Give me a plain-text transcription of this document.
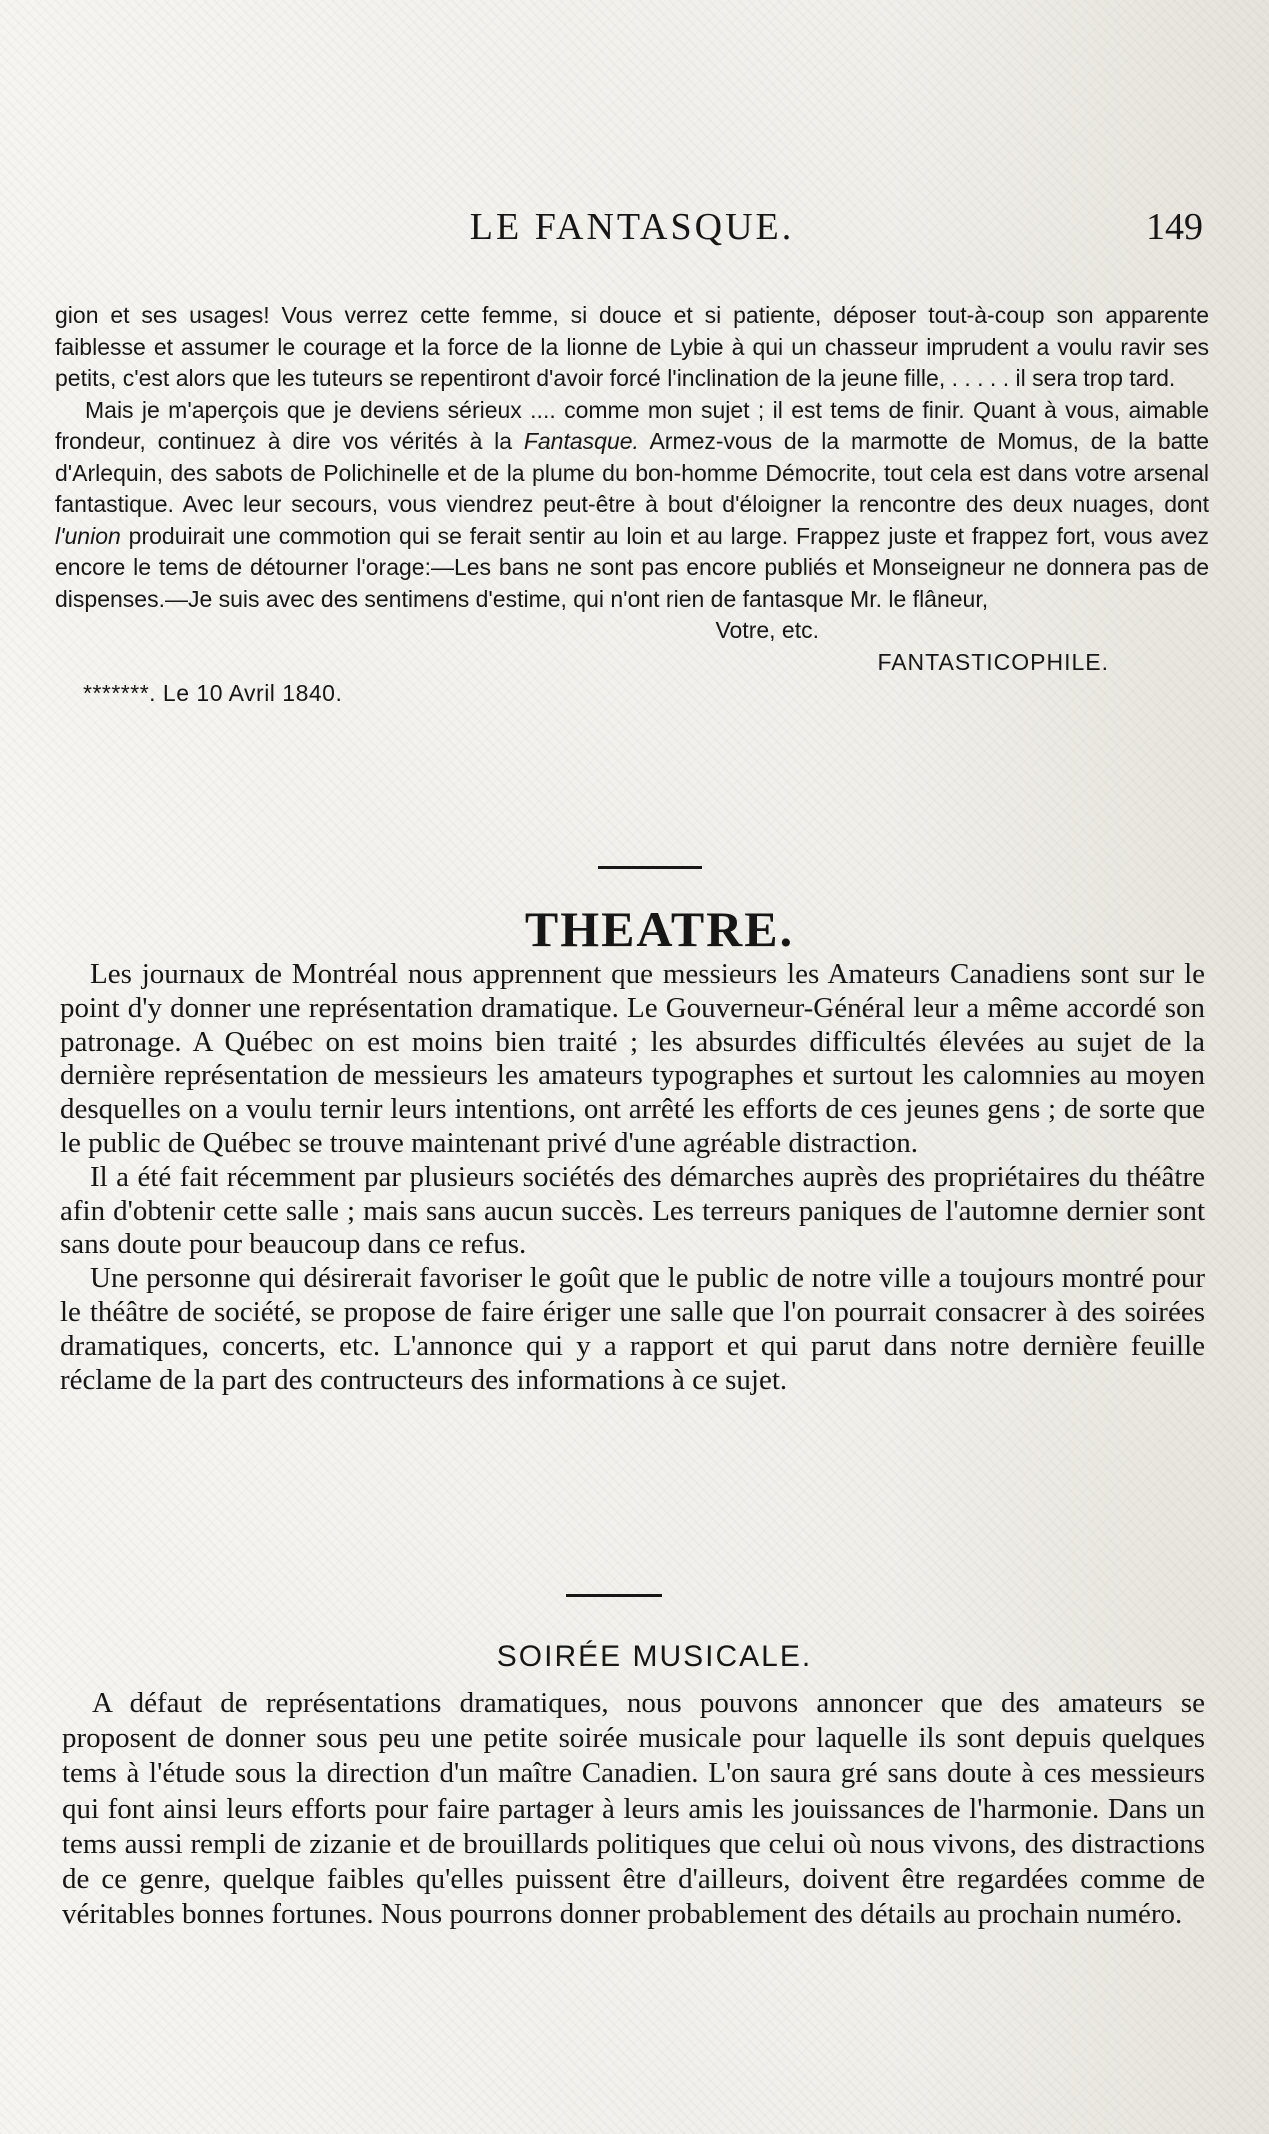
LE FANTASQUE.	149

gion et ses usages! Vous verrez cette femme, si douce et si patiente, déposer tout-à-coup son apparente faiblesse et assumer le courage et la force de la lionne de Lybie à qui un chasseur imprudent a voulu ravir ses petits, c'est alors que les tuteurs se repentiront d'avoir forcé l'inclination de la jeune fille, . . . . . il sera trop tard.

Mais je m'aperçois que je deviens sérieux .... comme mon sujet ; il est tems de finir. Quant à vous, aimable frondeur, continuez à dire vos vérités à la Fantasque. Armez-vous de la marmotte de Momus, de la batte d'Arlequin, des sabots de Polichinelle et de la plume du bon-homme Démocrite, tout cela est dans votre arsenal fantastique. Avec leur secours, vous viendrez peut-être à bout d'éloigner la rencontre des deux nuages, dont l'union produirait une commotion qui se ferait sentir au loin et au large. Frappez juste et frappez fort, vous avez encore le tems de détourner l'orage:—Les bans ne sont pas encore publiés et Monseigneur ne donnera pas de dispenses.—Je suis avec des sentimens d'estime, qui n'ont rien de fantasque Mr. le flâneur,

Votre, etc.

FANTASTICOPHILE.

*******. Le 10 Avril 1840.

THEATRE.

Les journaux de Montréal nous apprennent que messieurs les Amateurs Canadiens sont sur le point d'y donner une représentation dramatique. Le Gouverneur-Général leur a même accordé son patronage. A Québec on est moins bien traité ; les absurdes difficultés élevées au sujet de la dernière représentation de messieurs les amateurs typographes et surtout les calomnies au moyen desquelles on a voulu ternir leurs intentions, ont arrêté les efforts de ces jeunes gens ; de sorte que le public de Québec se trouve maintenant privé d'une agréable distraction.

Il a été fait récemment par plusieurs sociétés des démarches auprès des propriétaires du théâtre afin d'obtenir cette salle ; mais sans aucun succès. Les terreurs paniques de l'automne dernier sont sans doute pour beaucoup dans ce refus.

Une personne qui désirerait favoriser le goût que le public de notre ville a toujours montré pour le théâtre de société, se propose de faire ériger une salle que l'on pourrait consacrer à des soirées dramatiques, concerts, etc. L'annonce qui y a rapport et qui parut dans notre dernière feuille réclame de la part des contructeurs des informations à ce sujet.

SOIRÉE MUSICALE.

A défaut de représentations dramatiques, nous pouvons annoncer que des amateurs se proposent de donner sous peu une petite soirée musicale pour laquelle ils sont depuis quelques tems à l'étude sous la direction d'un maître Canadien. L'on saura gré sans doute à ces messieurs qui font ainsi leurs efforts pour faire partager à leurs amis les jouissances de l'harmonie. Dans un tems aussi rempli de zizanie et de brouillards politiques que celui où nous vivons, des distractions de ce genre, quelque faibles qu'elles puissent être d'ailleurs, doivent être regardées comme de véritables bonnes fortunes. Nous pourrons donner probablement des détails au prochain numéro.
